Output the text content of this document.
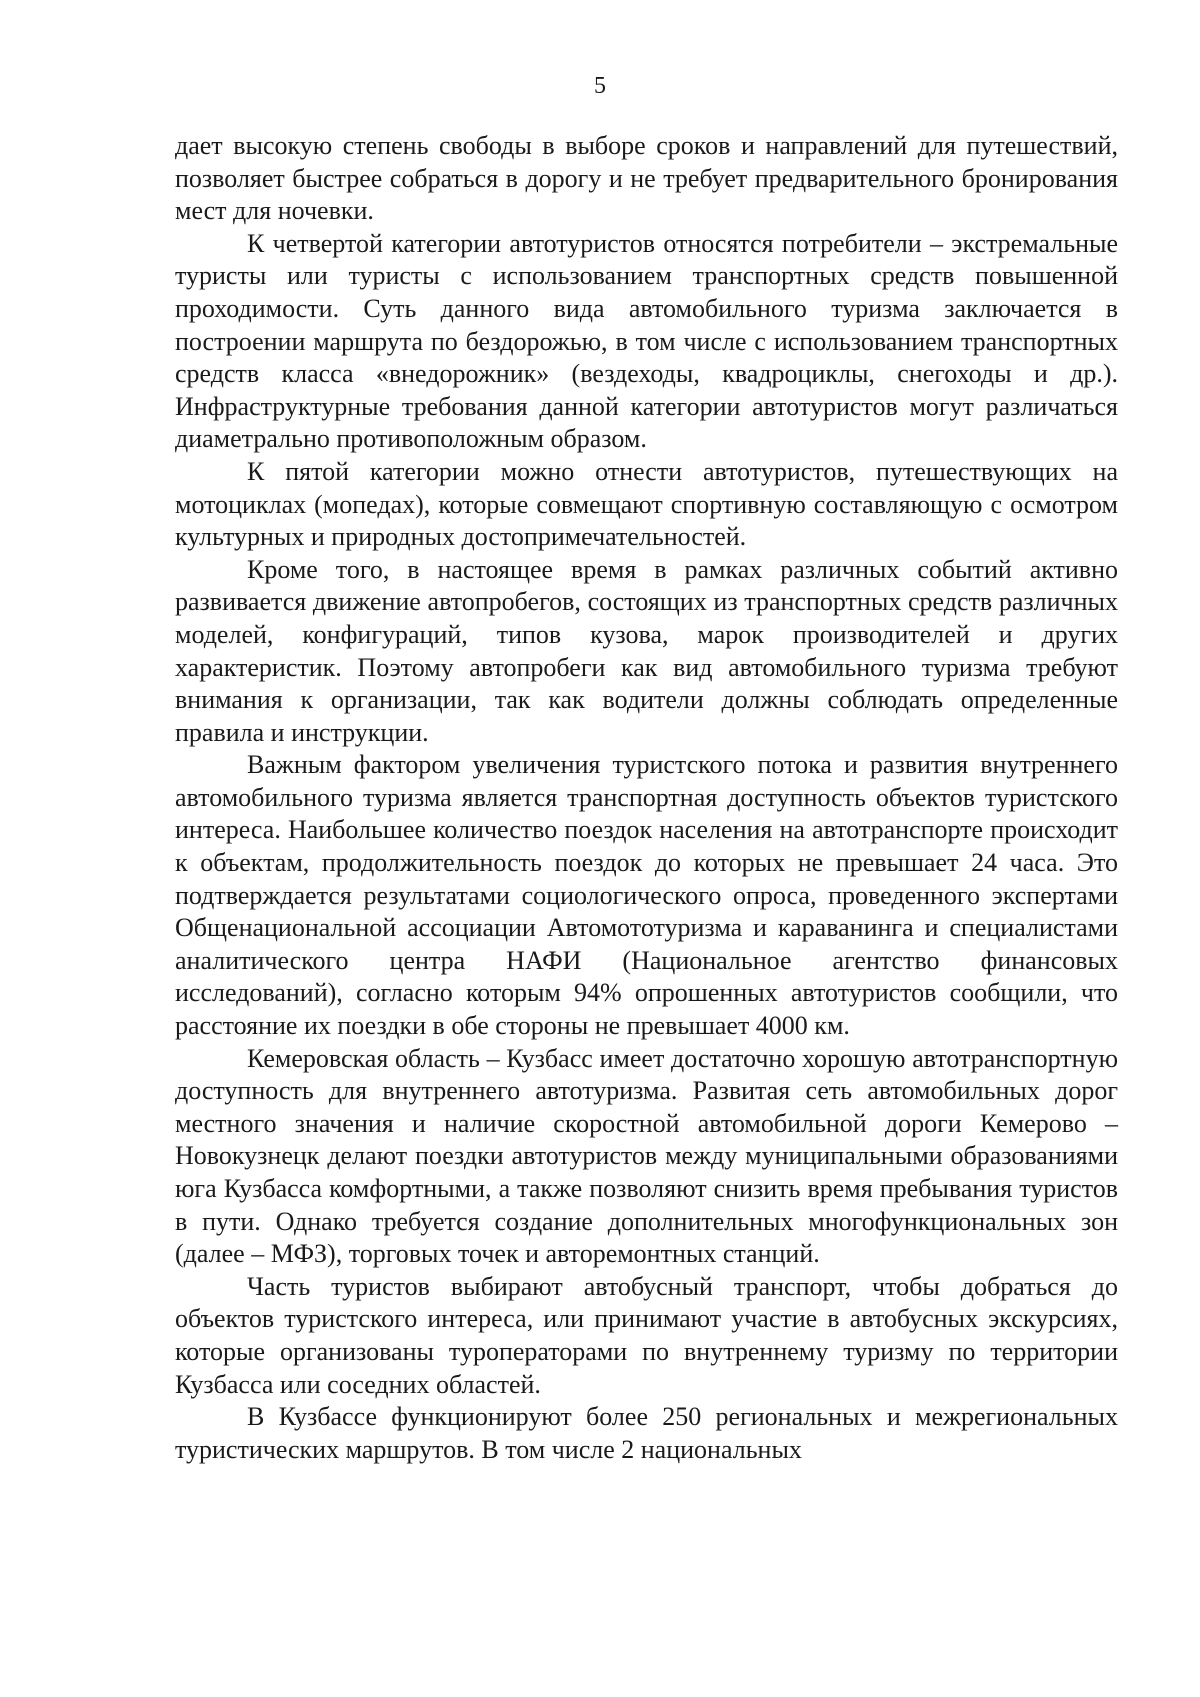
5

дает высокую степень свободы в выборе сроков и направлений для путешествий, позволяет быстрее собраться в дорогу и не требует предварительного бронирования мест для ночевки.

К четвертой категории автотуристов относятся потребители – экстремальные туристы или туристы с использованием транспортных средств повышенной проходимости. Суть данного вида автомобильного туризма заключается в построении маршрута по бездорожью, в том числе с использованием транспортных средств класса «внедорожник» (вездеходы, квадроциклы, снегоходы и др.). Инфраструктурные требования данной категории автотуристов могут различаться диаметрально противоположным образом.

К пятой категории можно отнести автотуристов, путешествующих на мотоциклах (мопедах), которые совмещают спортивную составляющую с осмотром культурных и природных достопримечательностей.

Кроме того, в настоящее время в рамках различных событий активно развивается движение автопробегов, состоящих из транспортных средств различных моделей, конфигураций, типов кузова, марок производителей и других характеристик. Поэтому автопробеги как вид автомобильного туризма требуют внимания к организации, так как водители должны соблюдать определенные правила и инструкции.

Важным фактором увеличения туристского потока и развития внутреннего автомобильного туризма является транспортная доступность объектов туристского интереса. Наибольшее количество поездок населения на автотранспорте происходит к объектам, продолжительность поездок до которых не превышает 24 часа. Это подтверждается результатами социологического опроса, проведенного экспертами Общенациональной ассоциации Автомототуризма и караванинга и специалистами аналитического центра НАФИ (Национальное агентство финансовых исследований), согласно которым 94% опрошенных автотуристов сообщили, что расстояние их поездки в обе стороны не превышает 4000 км.

Кемеровская область – Кузбасс имеет достаточно хорошую автотранспортную доступность для внутреннего автотуризма. Развитая сеть автомобильных дорог местного значения и наличие скоростной автомобильной дороги Кемерово – Новокузнецк делают поездки автотуристов между муниципальными образованиями юга Кузбасса комфортными, а также позволяют снизить время пребывания туристов в пути. Однако требуется создание дополнительных многофункциональных зон (далее – МФЗ), торговых точек и авторемонтных станций.

Часть туристов выбирают автобусный транспорт, чтобы добраться до объектов туристского интереса, или принимают участие в автобусных экскурсиях, которые организованы туроператорами по внутреннему туризму по территории Кузбасса или соседних областей.

В Кузбассе функционируют более 250 региональных и межрегиональных туристических маршрутов. В том числе 2 национальных
